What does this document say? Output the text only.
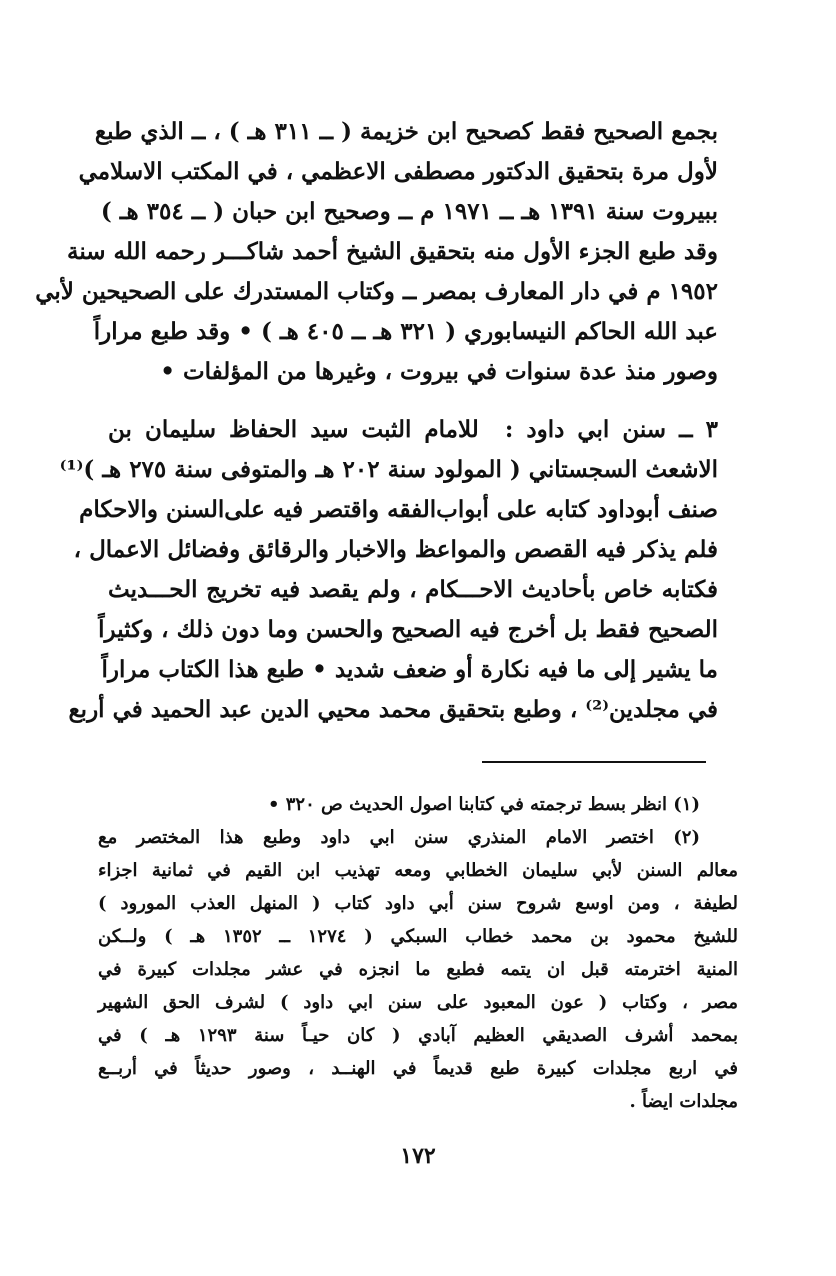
بجمع الصحيح فقط كصحيح ابن خزيمة ( ــ ٣١١ هـ ) ، ــ الذي طبع
لأول مرة بتحقيق الدكتور مصطفى الاعظمي ، في المكتب الاسلامي
ببيروت سنة ١٣٩١ هـ ــ ١٩٧١ م ــ وصحيح ابن حبان ( ــ ٣٥٤ هـ )
وقد طبع الجزء الأول منه بتحقيق الشيخ أحمد شاكـــر رحمه الله سنة
١٩٥٢ م في دار المعارف بمصر ــ وكتاب المستدرك على الصحيحين لأبي
عبد الله الحاكم النيسابوري ( ٣٢١ هـ ــ ٤٠٥ هـ ) • وقد طبع مراراً
وصور منذ عدة سنوات في بيروت ، وغيرها من المؤلفات •
٣ ــ سنن ابي داود :  للامام الثبت سيد الحفاظ سليمان بن
الاشعث السجستاني ( المولود سنة ٢٠٢ هـ والمتوفى سنة ٢٧٥ هـ )⁽¹⁾
صنف أبوداود كتابه على أبواب‌الفقه واقتصر فيه على‌السنن والاحكام
فلم يذكر فيه القصص والمواعظ والاخبار والرقائق وفضائل الاعمال ،
فكتابه خاص بأحاديث الاحـــكام ، ولم يقصد فيه تخريج الحـــديث
الصحيح فقط بل أخرج فيه الصحيح والحسن وما دون ذلك ، وكثيراً
ما يشير إلى ما فيه نكارة أو ضعف شديد • طبع هذا الكتاب مراراً
في مجلدين⁽²⁾ ، وطبع بتحقيق محمد محيي الدين عبد الحميد في أربع
(١) انظر بسط ترجمته في كتابنا اصول الحديث ص ٣٢٠ •
(٢) اختصر الامام المنذري سنن ابي داود وطبع هذا المختصر مع
معالم السنن لأبي سليمان الخطابي ومعه تهذيب ابن القيم في ثمانية اجزاء
لطيفة ، ومن اوسع شروح سنن أبي داود كتاب ( المنهل العذب المورود )
للشيخ محمود بن محمد خطاب السبكي ( ١٢٧٤ ــ ١٣٥٢ هـ ) ولــكن
المنية اخترمته قبل ان يتمه فطبع ما انجزه في عشر مجلدات كبيرة في
مصر ، وكتاب ( عون المعبود على سنن ابي داود ) لشرف الحق الشهير
بمحمد أشرف الصديقي العظيم آبادي ( كان حيـاً سنة ١٢٩٣ هـ ) في
في اربع مجلدات كبيرة طبع قديماً في الهنــد ، وصور حديثاً في أربــع
مجلدات ايضاً .
١٧٢
